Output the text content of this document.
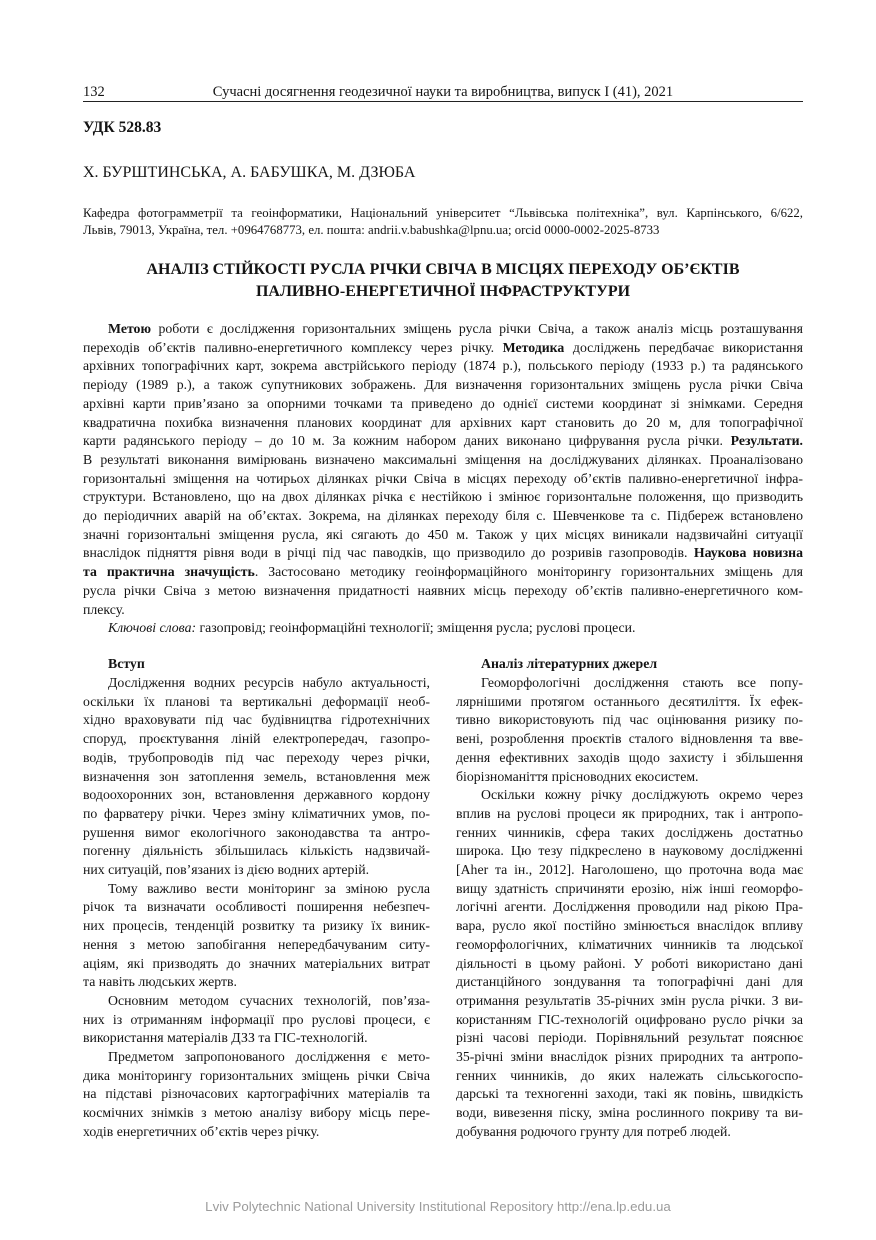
132	Сучасні досягнення геодезичної науки та виробництва, випуск I (41), 2021
УДК 528.83
Х. БУРШТИНСЬКА, А. БАБУШКА, М. ДЗЮБА
Кафедра фотограмметрії та геоінформатики, Національний університет “Львівська політехніка”, вул. Карпінського, 6/622,
Львів, 79013, Україна, тел. +0964768773, ел. пошта: andrii.v.babushka@lpnu.ua; orcid 0000-0002-2025-8733
АНАЛІЗ СТІЙКОСТІ РУСЛА РІЧКИ СВІЧА В МІСЦЯХ ПЕРЕХОДУ ОБ’ЄКТІВ
ПАЛИВНО-ЕНЕРГЕТИЧНОЇ ІНФРАСТРУКТУРИ
Метою роботи є дослідження горизонтальних зміщень русла річки Свіча, а також аналіз місць розташування
переходів об’єктів паливно-енергетичного комплексу через річку. Методика досліджень передбачає використання
архівних топографічних карт, зокрема австрійського періоду (1874 р.), польського періоду (1933 р.) та радянського
періоду (1989 р.), а також супутникових зображень. Для визначення горизонтальних зміщень русла річки Свіча
архівні карти прив’язано за опорними точками та приведено до однієї системи координат зі знімками. Середня
квадратична похибка визначення планових координат для архівних карт становить до 20 м, для топографічної
карти радянського періоду – до 10 м. За кожним набором даних виконано цифрування русла річки. Результати.
В результаті виконання вимірювань визначено максимальні зміщення на досліджуваних ділянках. Проаналізовано
горизонтальні зміщення на чотирьох ділянках річки Свіча в місцях переходу об’єктів паливно-енергетичної інфра-
структури. Встановлено, що на двох ділянках річка є нестійкою і змінює горизонтальне положення, що призводить
до періодичних аварій на об’єктах. Зокрема, на ділянках переходу біля с. Шевченкове та с. Підбереж встановлено
значні горизонтальні зміщення русла, які сягають до 450 м. Також у цих місцях виникали надзвичайні ситуації
внаслідок підняття рівня води в річці під час паводків, що призводило до розривів газопроводів. Наукова новизна
та практична значущість. Застосовано методику геоінформаційного моніторингу горизонтальних зміщень для
русла річки Свіча з метою визначення придатності наявних місць переходу об’єктів паливно-енергетичного ком-
плексу.
Ключові слова: газопровід; геоінформаційні технології; зміщення русла; руслові процеси.
Вступ
Дослідження водних ресурсів набуло актуальності,
оскільки їх планові та вертикальні деформації необ-
хідно враховувати під час будівництва гідротехнічних
споруд, проєктування ліній електропередач, газопро-
водів, трубопроводів під час переходу через річки,
визначення зон затоплення земель, встановлення меж
водоохоронних зон, встановлення державного кордону
по фарватеру річки. Через зміну кліматичних умов, по-
рушення вимог екологічного законодавства та антро-
погенну діяльність збільшилась кількість надзвичай-
них ситуацій, пов’язаних із дією водних артерій.
Тому важливо вести моніторинг за зміною русла
річок та визначати особливості поширення небезпеч-
них процесів, тенденцій розвитку та ризику їх виник-
нення з метою запобігання непередбачуваним ситу-
аціям, які призводять до значних матеріальних витрат
та навіть людських жертв.
Основним методом сучасних технологій, пов’яза-
них із отриманням інформації про руслові процеси, є
використання матеріалів ДЗЗ та ГІС-технологій.
Предметом запропонованого дослідження є мето-
дика моніторингу горизонтальних зміщень річки Свіча
на підставі різночасових картографічних матеріалів та
космічних знімків з метою аналізу вибору місць пере-
ходів енергетичних об’єктів через річку.
Аналіз літературних джерел
Геоморфологічні дослідження стають все попу-
лярнішими протягом останнього десятиліття. Їх ефек-
тивно використовують під час оцінювання ризику по-
вені, розроблення проєктів сталого відновлення та вве-
дення ефективних заходів щодо захисту і збільшення
біорізноманіття прісноводних екосистем.
Оскільки кожну річку досліджують окремо через
вплив на руслові процеси як природних, так і антропо-
генних чинників, сфера таких досліджень достатньо
широка. Цю тезу підкреслено в науковому дослідженні
[Aher та ін., 2012]. Наголошено, що проточна вода має
вищу здатність спричиняти ерозію, ніж інші геоморфо-
логічні агенти. Дослідження проводили над рікою Пра-
вара, русло якої постійно змінюється внаслідок впливу
геоморфологічних, кліматичних чинників та людської
діяльності в цьому районі. У роботі використано дані
дистанційного зондування та топографічні дані для
отримання результатів 35-річних змін русла річки. З ви-
користанням ГІС-технологій оцифровано русло річки за
різні часові періоди. Порівняльний результат пояснює
35-річні зміни внаслідок різних природних та антропо-
генних чинників, до яких належать сільськогоспо-
дарські та техногенні заходи, такі як повінь, швидкість
води, вивезення піску, зміна рослинного покриву та ви-
добування родючого грунту для потреб людей.
Lviv Polytechnic National University Institutional Repository http://ena.lp.edu.ua
